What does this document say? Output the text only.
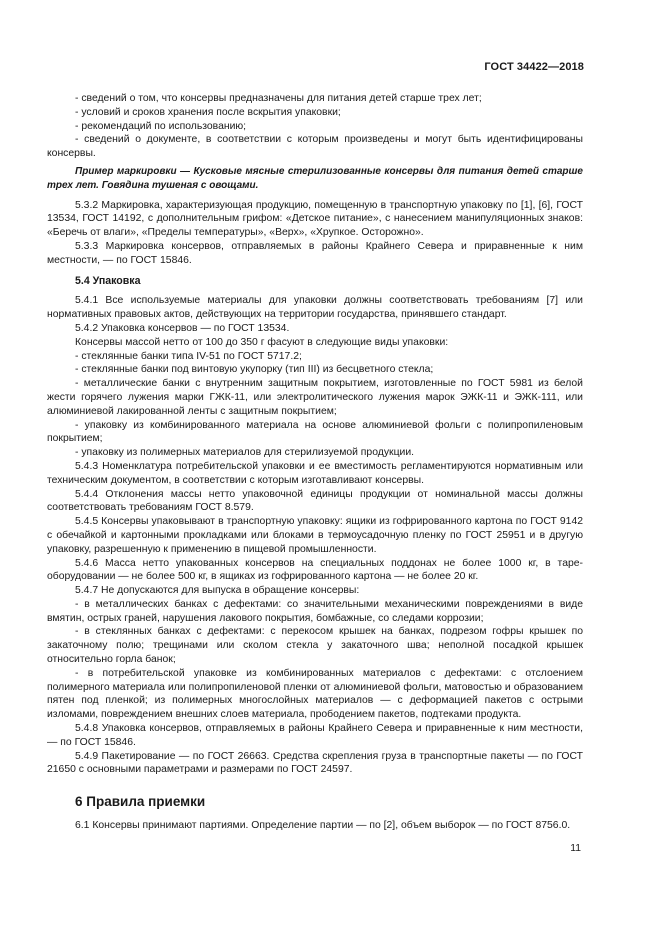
ГОСТ 34422—2018

- сведений о том, что консервы предназначены для питания детей старше трех лет;

- условий и сроков хранения после вскрытия упаковки;

- рекомендаций по использованию;

- сведений о документе, в соответствии с которым произведены и могут быть идентифицированы консервы.

Пример маркировки — Кусковые мясные стерилизованные консервы для питания детей старше трех лет. Говядина тушеная с овощами.

5.3.2 Маркировка, характеризующая продукцию, помещенную в транспортную упаковку по [1], [6], ГОСТ 13534, ГОСТ 14192, с дополнительным грифом: «Детское питание», с нанесением манипуляционных знаков: «Беречь от влаги», «Пределы температуры», «Верх», «Хрупкое. Осторожно».

5.3.3 Маркировка консервов, отправляемых в районы Крайнего Севера и приравненные к ним местности, — по ГОСТ 15846.

5.4 Упаковка

5.4.1 Все используемые материалы для упаковки должны соответствовать требованиям [7] или нормативных правовых актов, действующих на территории государства, принявшего стандарт.

5.4.2 Упаковка консервов — по ГОСТ 13534.

Консервы массой нетто от 100 до 350 г фасуют в следующие виды упаковки:

- стеклянные банки типа IV-51 по ГОСТ 5717.2;

- стеклянные банки под винтовую укупорку (тип III) из бесцветного стекла;

- металлические банки с внутренним защитным покрытием, изготовленные по ГОСТ 5981 из белой жести горячего лужения марки ГЖК-11, или электролитического лужения марок ЭЖК-11 и ЭЖК-111, или алюминиевой лакированной ленты с защитным покрытием;

- упаковку из комбинированного материала на основе алюминиевой фольги с полипропиленовым покрытием;

- упаковку из полимерных материалов для стерилизуемой продукции.

5.4.3 Номенклатура потребительской упаковки и ее вместимость регламентируются нормативным или техническим документом, в соответствии с которым изготавливают консервы.

5.4.4 Отклонения массы нетто упаковочной единицы продукции от номинальной массы должны соответствовать требованиям ГОСТ 8.579.

5.4.5 Консервы упаковывают в транспортную упаковку: ящики из гофрированного картона по ГОСТ 9142 с обечайкой и картонными прокладками или блоками в термоусадочную пленку по ГОСТ 25951 и в другую упаковку, разрешенную к применению в пищевой промышленности.

5.4.6 Масса нетто упакованных консервов на специальных поддонах не более 1000 кг, в таре-оборудовании — не более 500 кг, в ящиках из гофрированного картона — не более 20 кг.

5.4.7 Не допускаются для выпуска в обращение консервы:

- в металлических банках с дефектами: со значительными механическими повреждениями в виде вмятин, острых граней, нарушения лакового покрытия, бомбажные, со следами коррозии;

- в стеклянных банках с дефектами: с перекосом крышек на банках, подрезом гофры крышек по закаточному полю; трещинами или сколом стекла у закаточного шва; неполной посадкой крышек относительно горла банок;

- в потребительской упаковке из комбинированных материалов с дефектами: с отслоением полимерного материала или полипропиленовой пленки от алюминиевой фольги, матовостью и образованием пятен под пленкой; из полимерных многослойных материалов — с деформацией пакетов с острыми изломами, повреждением внешних слоев материала, прободением пакетов, подтеками продукта.

5.4.8 Упаковка консервов, отправляемых в районы Крайнего Севера и приравненные к ним местности, — по ГОСТ 15846.

5.4.9 Пакетирование — по ГОСТ 26663. Средства скрепления груза в транспортные пакеты — по ГОСТ 21650 с основными параметрами и размерами по ГОСТ 24597.

6 Правила приемки

6.1 Консервы принимают партиями. Определение партии — по [2], объем выборок — по ГОСТ 8756.0.

11
